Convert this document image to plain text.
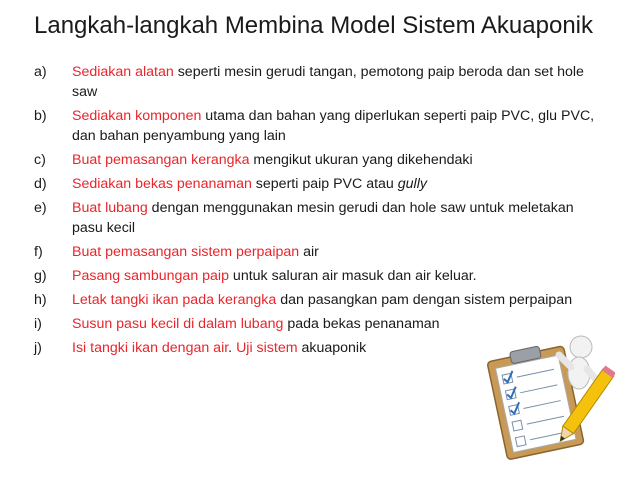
Langkah-langkah Membina Model Sistem Akuaponik
a)	Sediakan alatan seperti mesin gerudi tangan, pemotong paip beroda dan set hole saw
b)	Sediakan komponen utama dan bahan yang diperlukan seperti paip PVC, glu PVC, dan bahan penyambung yang lain
c)	Buat pemasangan kerangka mengikut ukuran yang dikehendaki
d)	Sediakan bekas penanaman seperti paip PVC atau gully
e)	Buat lubang dengan menggunakan mesin gerudi dan hole saw untuk meletakan pasu kecil
f)	Buat pemasangan sistem perpaipan air
g)	Pasang sambungan paip untuk saluran air masuk dan air keluar.
h)	Letak tangki ikan pada kerangka dan pasangkan pam dengan sistem perpaipan
i)	Susun pasu kecil di dalam lubang pada bekas penanaman
j)	Isi tangki ikan dengan air. Uji sistem akuaponik
